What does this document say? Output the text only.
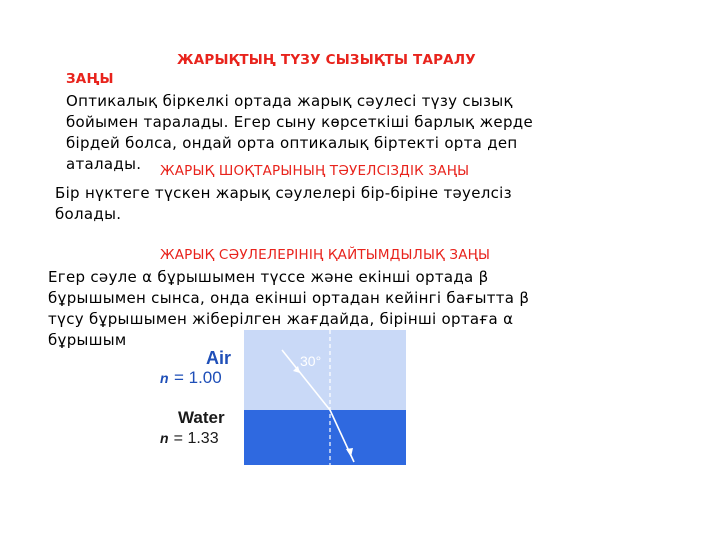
ЖАРЫҚТЫҢ ТҮЗУ СЫЗЫҚТЫ ТАРАЛУ
ЗАҢЫ
Оптикалық біркелкі ортада жарық сәулесі түзу сызық
бойымен таралады. Егер сыну көрсеткіші барлық жерде
бірдей болса, ондай орта оптикалық біртекті орта деп
аталады.	ЖАРЫҚ ШОҚТАРЫНЫҢ ТӘУЕЛСІЗДІК ЗАҢЫ
Бір нүктеге түскен жарық сәулелері бір-біріне тәуелсіз
болады.
30°
Air
n = 1.00
Water
n = 1.33
ЖАРЫҚ СӘУЛЕЛЕРІНІҢ ҚАЙТЫМДЫЛЫҚ ЗАҢЫ
Егер сәуле α бұрышымен түссе және екінші ортада β
бұрышымен сынса, онда екінші ортадан кейінгі бағытта β
түсу бұрышымен жіберілген жағдайда, бірінші ортаға α
бұрышым
